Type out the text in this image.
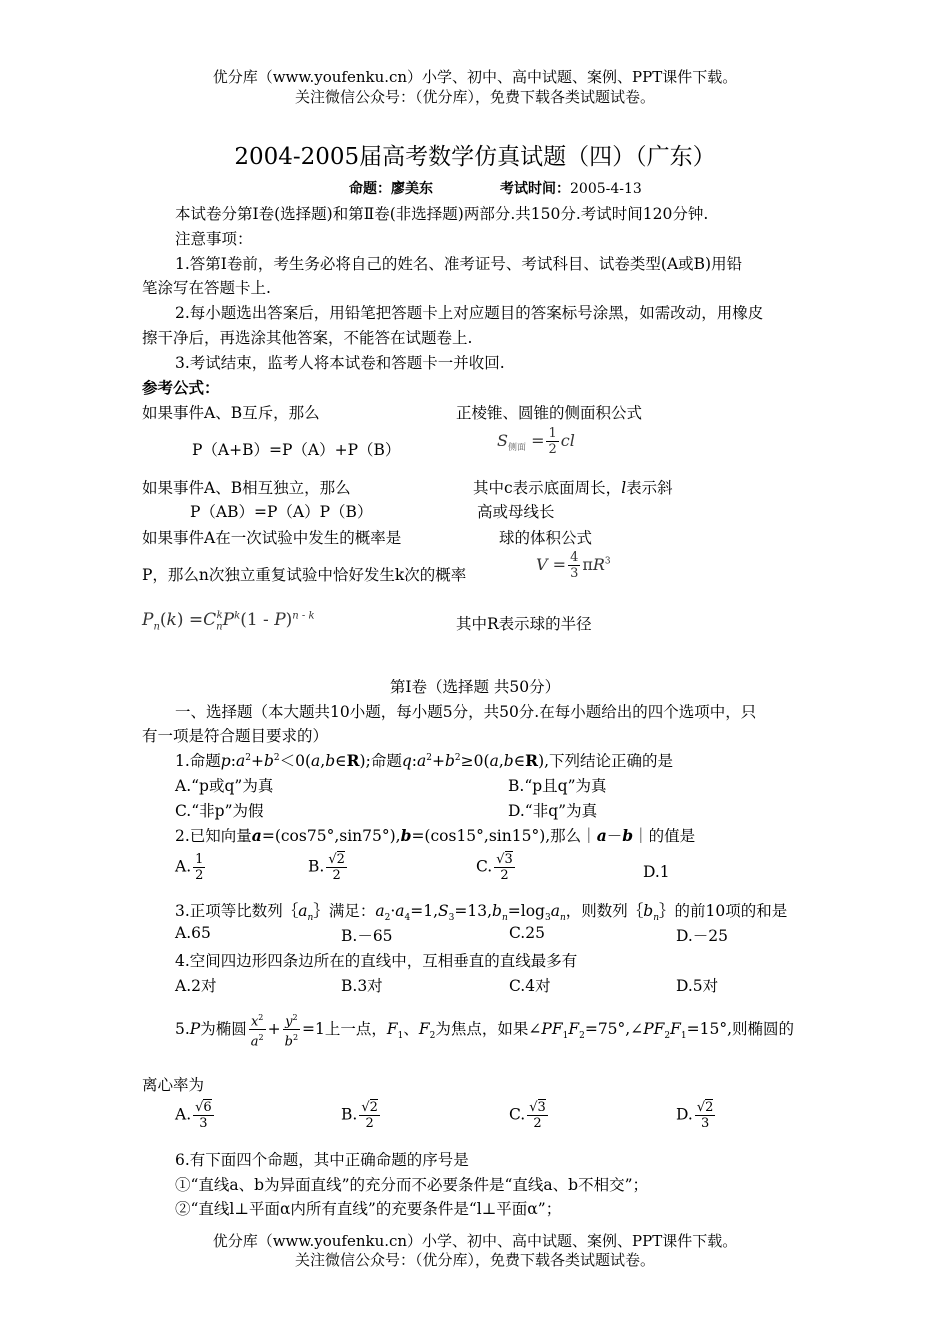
优分库（www.youfenku.cn）小学、初中、高中试题、案例、PPT课件下载。
关注微信公众号：（优分库），免费下载各类试题试卷。
2004-2005届高考数学仿真试题（四）（广东）
命题：廖美东	考试时间：2005-4-13
本试卷分第Ⅰ卷(选择题)和第Ⅱ卷(非选择题)两部分.共150分.考试时间120分钟.
注意事项：
1.答第Ⅰ卷前，考生务必将自己的姓名、准考证号、考试科目、试卷类型(A或B)用铅
笔涂写在答题卡上.
2.每小题选出答案后，用铅笔把答题卡上对应题目的答案标号涂黑，如需改动，用橡皮
擦干净后，再选涂其他答案，不能答在试题卷上.
3.考试结束，监考人将本试卷和答题卡一并收回.
参考公式：
如果事件A、B互斥，那么	正棱锥、圆锥的侧面积公式
P（A+B）=P（A）+P（B）	$S_{侧面} = \frac{1}{2}$ cl
如果事件A、B相互独立，那么	其中c表示底面周长，l表示斜
P（AB）=P（A）P（B）	高或母线长
如果事件A在一次试验中发生的概率是	球的体积公式
P，那么n次独立重复试验中恰好发生k次的概率
$V = \frac{4}{3} \pi R^3$
$P_n(k) =C_n^kP^k(1 - P)^{n - k}$	其中R表示球的半径
第Ⅰ卷（选择题 共50分）
一、选择题（本大题共10小题，每小题5分，共50分.在每小题给出的四个选项中，只
有一项是符合题目要求的）
1.命题$p:a^2+b^2<0(a,b\in R)$;命题$q:a^2+b^2\ge 0(a,b\in R)$,下列结论正确的是
A.“p或q”为真	B.“p且q”为真
C.“非p”为假	D.“非q”为真
2.已知向量a=(cos75°,sin75°),b=(cos15°,sin15°),那么｜a－b｜的值是
A. $\frac{1}{2}$	B. $\frac{√2}{2}$	C. $\frac{√3}{2}$	D.1
3.正项等比数列$\{a_n\}$满足：$a_2\cdot a_4=1,S_3=13,b_n=\log_3a_n$，则数列$\{b_n\}$的前10项的和是
A.65	B.－65	C.25	D.－25
4.空间四边形四条边所在的直线中，互相垂直的直线最多有
A.2对	B.3对	C.4对	D.5对
5.P为椭圆 $\frac{x^2}{a^2} + \frac{y^2}{b^2} =1$上一点，$F_1$、$F_2$为焦点，如果$\angle PF_1F_2=75^\circ,\angle PF_2F_1=15^\circ$,则椭圆的
离心率为
A. $\frac{√6}{3}$	B. $\frac{√2}{2}$	C. $\frac{√3}{2}$	D. $\frac{√2}{3}$
6.有下面四个命题，其中正确命题的序号是
①“直线a、b为异面直线”的充分而不必要条件是“直线a、b不相交”；
②“直线l⊥平面α内所有直线”的充要条件是“l⊥平面α”；
优分库（www.youfenku.cn）小学、初中、高中试题、案例、PPT课件下载。
关注微信公众号：（优分库），免费下载各类试题试卷。
